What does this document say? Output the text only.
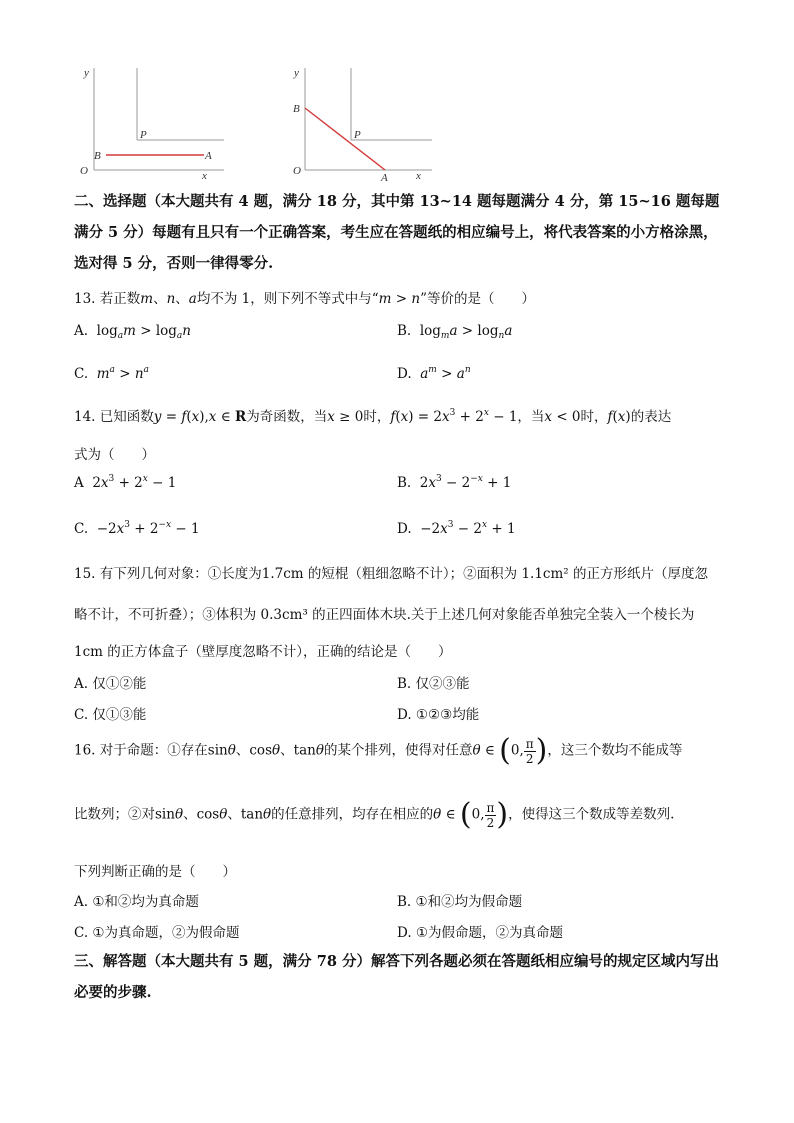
y
x
O
B	A
P
y
x
O
B
A
P
二、选择题（本大题共有 4 题，满分 18 分，其中第 13~14 题每题满分 4 分，第 15~16 题每题满分 5 分）每题有且只有一个正确答案，考生应在答题纸的相应编号上，将代表答案的小方格涂黑，选对得 5 分，否则一律得零分.
13. 若正数m、n、a均不为 1，则下列不等式中与“m > n”等价的是（　　）
A. $\log_am > \log_an$	B. $\log_ma > \log_na$
C. $m^a > n^a$	D. $a^m > a^n$
14. 已知函数y = f(x),x ∈ R为奇函数，当x ≥ 0时，$f(x) = 2x^3 + 2^x - 1$，当x < 0时，f(x)的表达
式为（　　）
A  $2x^3 + 2^x - 1$	B.  $2x^3 - 2^{-x} + 1$
C.  $-2x^3 + 2^{-x} - 1$	D.  $-2x^3 - 2^x + 1$
15. 有下列几何对象：①长度为1.7cm 的短棍（粗细忽略不计）；②面积为 1.1cm² 的正方形纸片（厚度忽
略不计，不可折叠）；③体积为 0.3cm³ 的正四面体木块.关于上述几何对象能否单独完全装入一个棱长为
1cm 的正方体盒子（壁厚度忽略不计），正确的结论是（　　）
A. 仅①②能	B. 仅②③能
C. 仅①③能	D. ①②③均能
16. 对于命题：①存在sinθ、cosθ、tanθ的某个排列，使得对任意θ ∈ (0, $\frac{\pi}{2}$ )，这三个数均不能成等
比数列；②对sinθ、cosθ、tanθ的任意排列，均存在相应的θ ∈ (0, $\frac{\pi}{2}$ )，使得这三个数成等差数列.
下列判断正确的是（　　）
A. ①和②均为真命题	B. ①和②均为假命题
C. ①为真命题，②为假命题	D. ①为假命题，②为真命题
三、解答题（本大题共有 5 题，满分 78 分）解答下列各题必须在答题纸相应编号的规定区域内写出必要的步骤.
